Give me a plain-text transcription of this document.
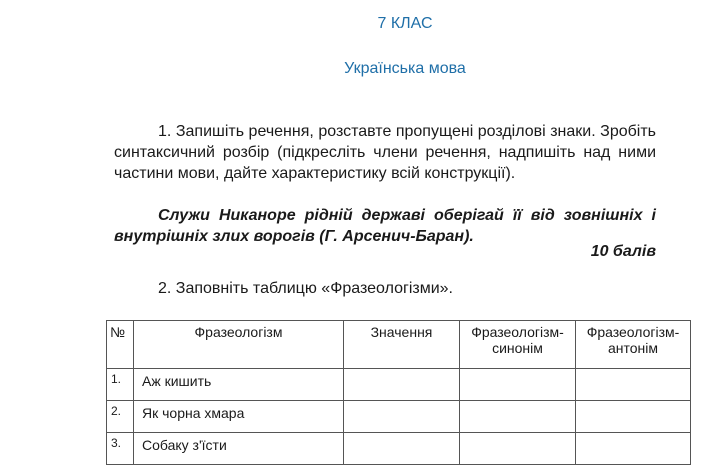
7 КЛАС
Українська мова
1. Запишіть речення, розставте пропущені розділові знаки. Зробіть синтаксичний розбір (підкресліть члени речення, надпишіть над ними частини мови, дайте характеристику всій конструкції).
Служи Никаноре рідній державі оберігай її від зовнішніх і внутрішніх злих ворогів (Г. Арсенич-Баран).
10 балів
2. Заповніть таблицю «Фразеологізми».
№	Фразеологізм	Значення	Фразеологізм-синонім	Фразеологізм-антонім
1.	Аж кишить			
2.	Як чорна хмара			
3.	Собаку з'їсти			
